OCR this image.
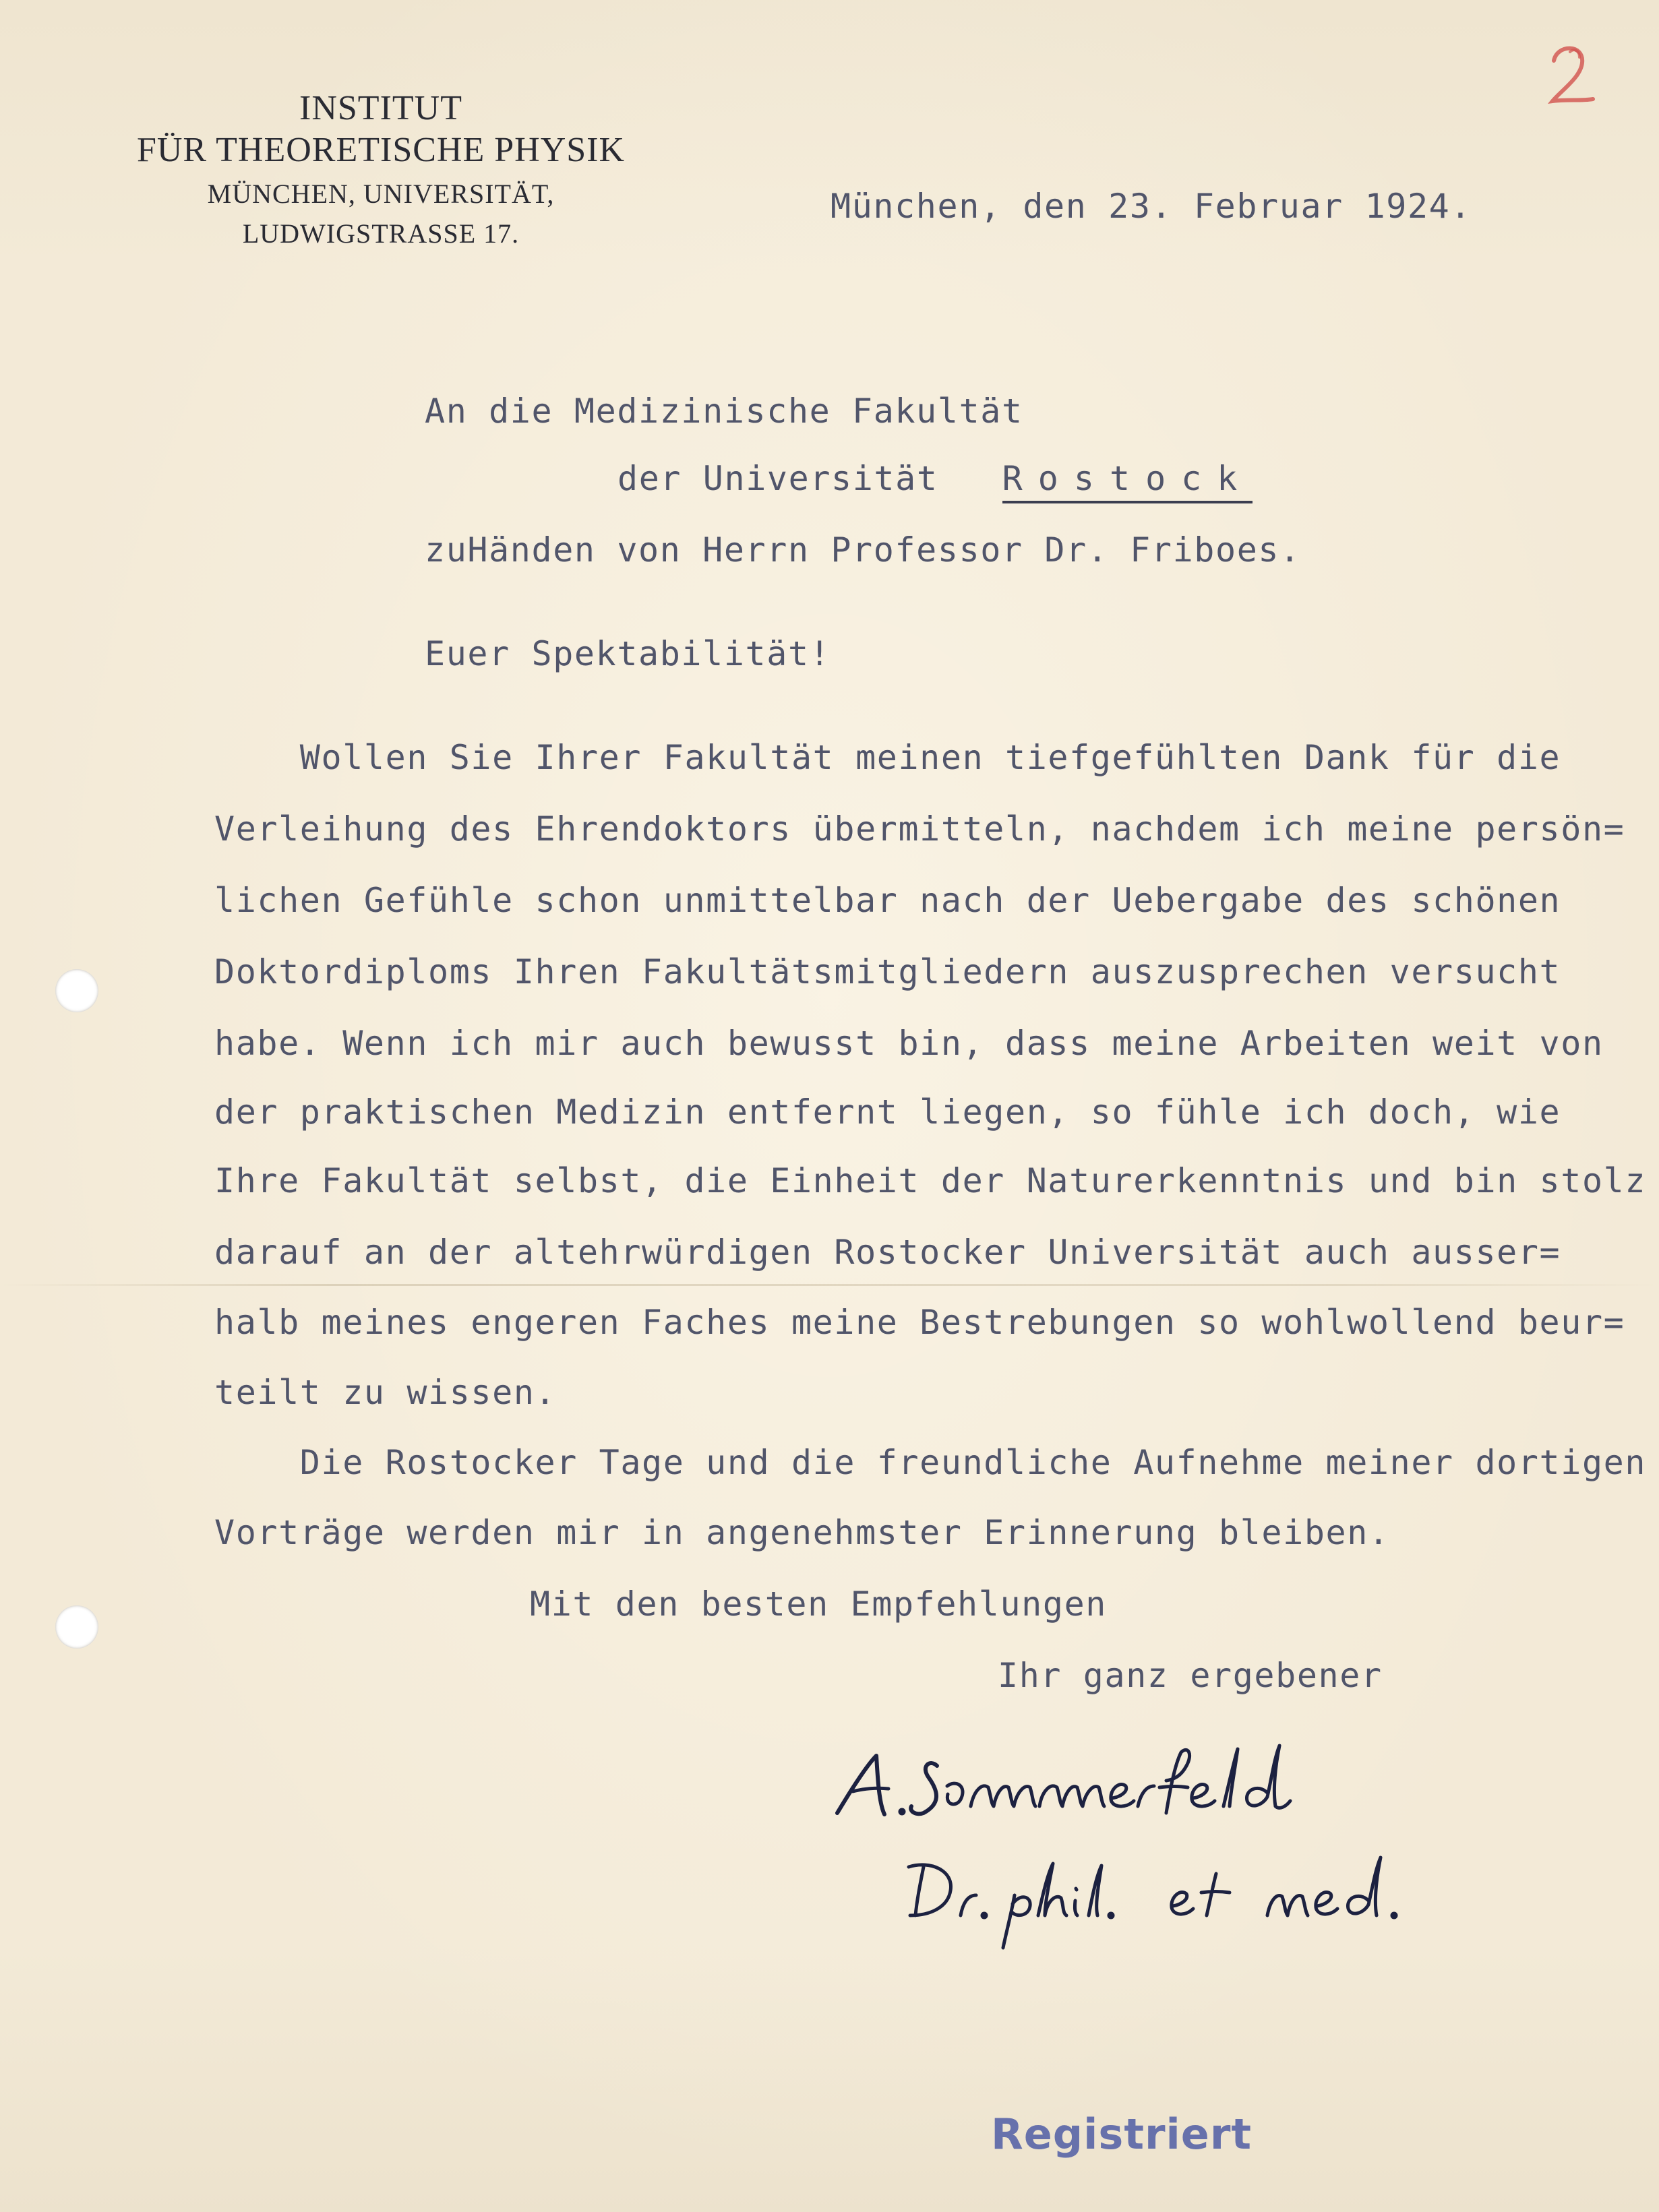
INSTITUT
FÜR THEORETISCHE PHYSIK
MÜNCHEN, UNIVERSITÄT,
LUDWIGSTRASSE 17.
München, den 23. Februar 1924.
An die Medizinische Fakultät
der Universität Rostock
zuHänden von Herrn Professor Dr. Friboes.
Euer Spektabilität!
Wollen Sie Ihrer Fakultät meinen tiefgefühlten Dank für die
Verleihung des Ehrendoktors übermitteln, nachdem ich meine persön=
lichen Gefühle schon unmittelbar nach der Uebergabe des schönen
Doktordiploms Ihren Fakultätsmitgliedern auszusprechen versucht
habe. Wenn ich mir auch bewusst bin, dass meine Arbeiten weit von
der praktischen Medizin entfernt liegen, so fühle ich doch, wie
Ihre Fakultät selbst, die Einheit der Naturerkenntnis und bin stolz
darauf an der altehrwürdigen Rostocker Universität auch ausser=
halb meines engeren Faches meine Bestrebungen so wohlwollend beur=
teilt zu wissen.
Die Rostocker Tage und die freundliche Aufnehme meiner dortigen
Vorträge werden mir in angenehmster Erinnerung bleiben.
Mit den besten Empfehlungen
Ihr ganz ergebener
Registriert
